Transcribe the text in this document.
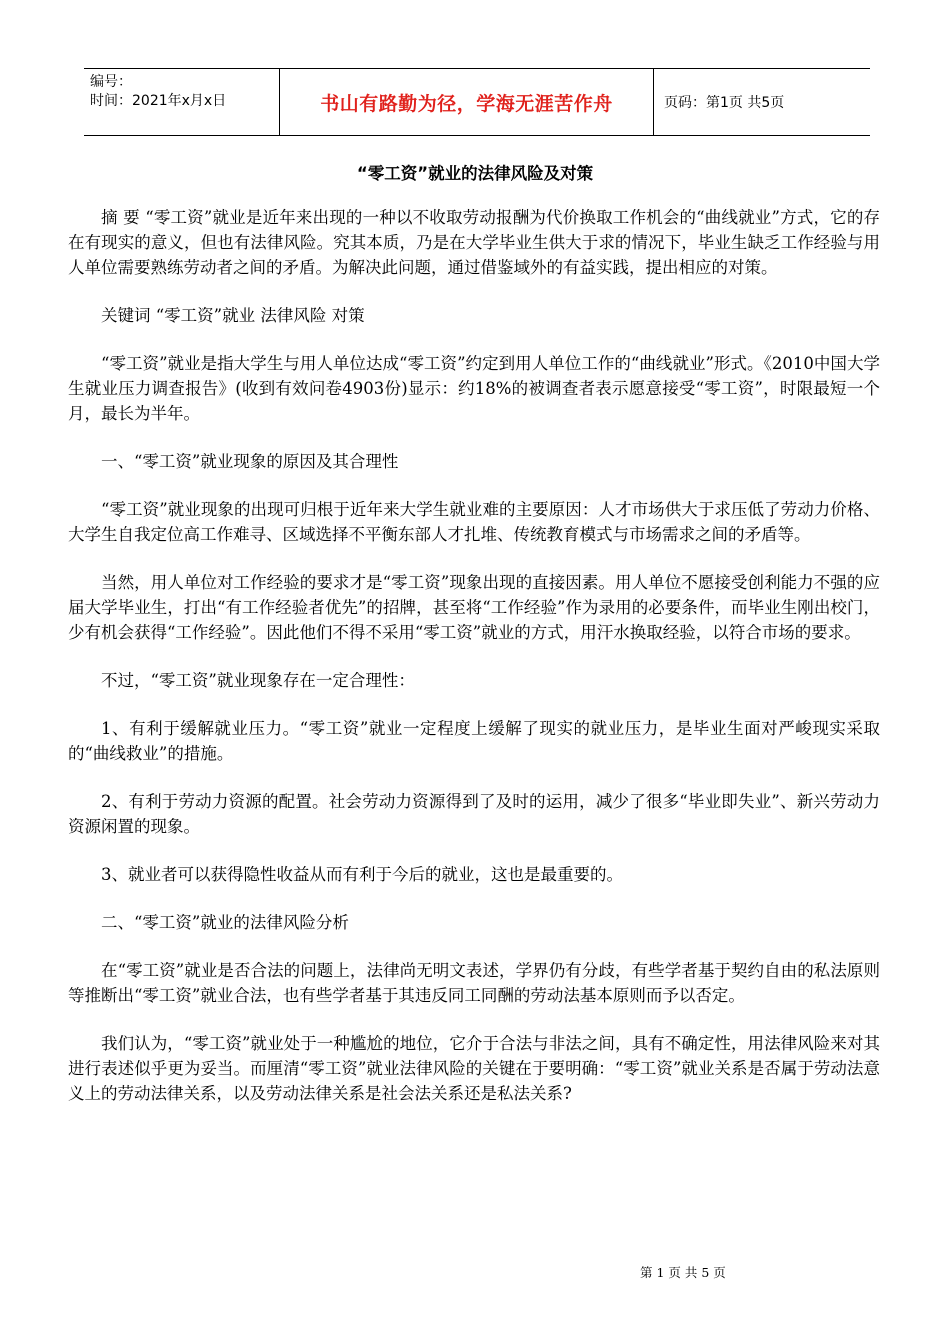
编号：
时间：2021年x月x日	书山有路勤为径，学海无涯苦作舟	页码：第1页 共5页
“零工资”就业的法律风险及对策

摘 要 “零工资”就业是近年来出现的一种以不收取劳动报酬为代价换取工作机会的“曲线就业”方式，它的存在有现实的意义，但也有法律风险。究其本质，乃是在大学毕业生供大于求的情况下，毕业生缺乏工作经验与用人单位需要熟练劳动者之间的矛盾。为解决此问题，通过借鉴域外的有益实践，提出相应的对策。

关键词 “零工资”就业 法律风险 对策

“零工资”就业是指大学生与用人单位达成“零工资”约定到用人单位工作的“曲线就业”形式。《2010中国大学生就业压力调查报告》(收到有效问卷4903份)显示：约18%的被调查者表示愿意接受“零工资”，时限最短一个月，最长为半年。

一、“零工资”就业现象的原因及其合理性

“零工资”就业现象的出现可归根于近年来大学生就业难的主要原因：人才市场供大于求压低了劳动力价格、大学生自我定位高工作难寻、区域选择不平衡东部人才扎堆、传统教育模式与市场需求之间的矛盾等。

当然，用人单位对工作经验的要求才是“零工资”现象出现的直接因素。用人单位不愿接受创利能力不强的应届大学毕业生，打出“有工作经验者优先”的招牌，甚至将“工作经验”作为录用的必要条件，而毕业生刚出校门，少有机会获得“工作经验”。因此他们不得不采用“零工资”就业的方式，用汗水换取经验，以符合市场的要求。

不过，“零工资”就业现象存在一定合理性：

1、有利于缓解就业压力。“零工资”就业一定程度上缓解了现实的就业压力，是毕业生面对严峻现实采取的“曲线救业”的措施。

2、有利于劳动力资源的配置。社会劳动力资源得到了及时的运用，减少了很多“毕业即失业”、新兴劳动力资源闲置的现象。

3、就业者可以获得隐性收益从而有利于今后的就业，这也是最重要的。

二、“零工资”就业的法律风险分析

在“零工资”就业是否合法的问题上，法律尚无明文表述，学界仍有分歧，有些学者基于契约自由的私法原则等推断出“零工资”就业合法，也有些学者基于其违反同工同酬的劳动法基本原则而予以否定。

我们认为，“零工资”就业处于一种尴尬的地位，它介于合法与非法之间，具有不确定性，用法律风险来对其进行表述似乎更为妥当。而厘清“零工资”就业法律风险的关键在于要明确：“零工资”就业关系是否属于劳动法意义上的劳动法律关系，以及劳动法律关系是社会法关系还是私法关系?

第 1 页 共 5 页
